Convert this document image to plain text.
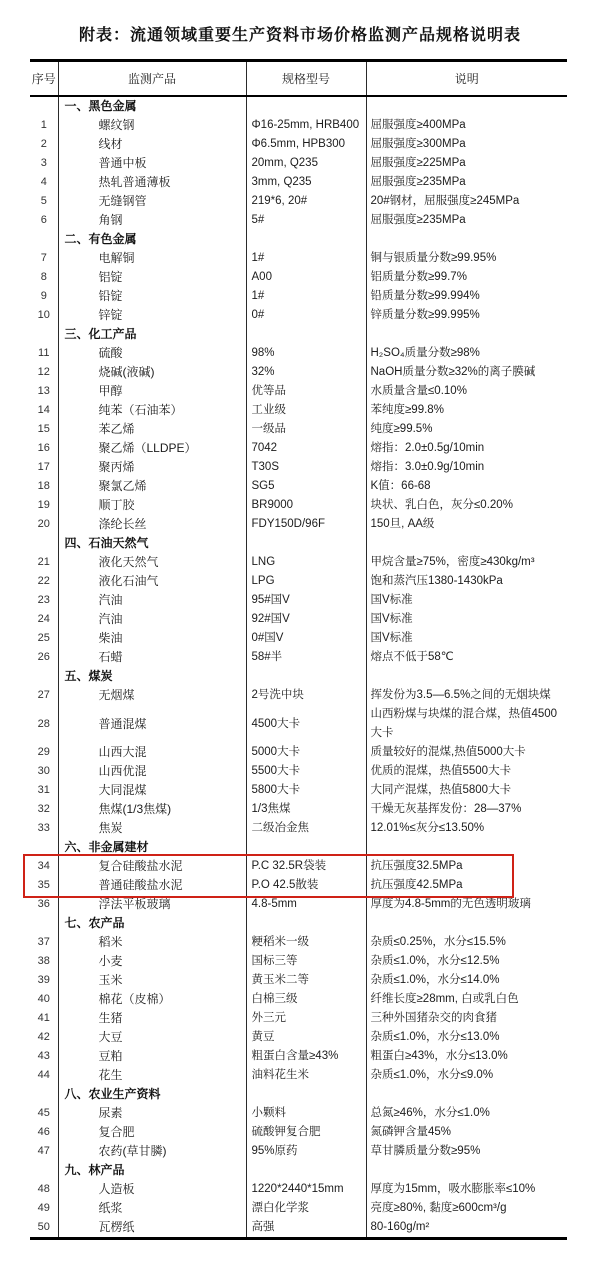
附表：流通领域重要生产资料市场价格监测产品规格说明表
序号	监测产品	规格型号	说明
	一、黑色金属		
1	螺纹钢	Φ16-25mm, HRB400	屈服强度≥400MPa
2	线材	Φ6.5mm, HPB300	屈服强度≥300MPa
3	普通中板	20mm, Q235	屈服强度≥225MPa
4	热轧普通薄板	3mm, Q235	屈服强度≥235MPa
5	无缝钢管	219*6, 20#	20#钢材，屈服强度≥245MPa
6	角钢	5#	屈服强度≥235MPa
	二、有色金属		
7	电解铜	1#	铜与银质量分数≥99.95%
8	铝锭	A00	铝质量分数≥99.7%
9	铅锭	1#	铅质量分数≥99.994%
10	锌锭	0#	锌质量分数≥99.995%
	三、化工产品		
11	硫酸	98%	H₂SO₄质量分数≥98%
12	烧碱(液碱)	32%	NaOH质量分数≥32%的离子膜碱
13	甲醇	优等品	水质量含量≤0.10%
14	纯苯（石油苯）	工业级	苯纯度≥99.8%
15	苯乙烯	一级品	纯度≥99.5%
16	聚乙烯（LLDPE）	7042	熔指：2.0±0.5g/10min
17	聚丙烯	T30S	熔指：3.0±0.9g/10min
18	聚氯乙烯	SG5	K值：66-68
19	顺丁胶	BR9000	块状、乳白色，灰分≤0.20%
20	涤纶长丝	FDY150D/96F	150旦, AA级
	四、石油天然气		
21	液化天然气	LNG	甲烷含量≥75%，密度≥430kg/m³
22	液化石油气	LPG	饱和蒸汽压1380-1430kPa
23	汽油	95#国V	国V标准
24	汽油	92#国V	国V标准
25	柴油	0#国V	国V标准
26	石蜡	58#半	熔点不低于58℃
	五、煤炭		
27	无烟煤	2号洗中块	挥发份为3.5—6.5%之间的无烟块煤
28	普通混煤	4500大卡	山西粉煤与块煤的混合煤，热值4500大卡
29	山西大混	5000大卡	质量较好的混煤,热值5000大卡
30	山西优混	5500大卡	优质的混煤，热值5500大卡
31	大同混煤	5800大卡	大同产混煤，热值5800大卡
32	焦煤(1/3焦煤)	1/3焦煤	干燥无灰基挥发份：28—37%
33	焦炭	二级冶金焦	12.01%≤灰分≤13.50%
	六、非金属建材		
34	复合硅酸盐水泥	P.C 32.5R袋装	抗压强度32.5MPa
35	普通硅酸盐水泥	P.O 42.5散装	抗压强度42.5MPa
36	浮法平板玻璃	4.8-5mm	厚度为4.8-5mm的无色透明玻璃
	七、农产品		
37	稻米	粳稻米一级	杂质≤0.25%，水分≤15.5%
38	小麦	国标三等	杂质≤1.0%，水分≤12.5%
39	玉米	黄玉米二等	杂质≤1.0%，水分≤14.0%
40	棉花（皮棉）	白棉三级	纤维长度≥28mm, 白或乳白色
41	生猪	外三元	三种外国猪杂交的肉食猪
42	大豆	黄豆	杂质≤1.0%，水分≤13.0%
43	豆粕	粗蛋白含量≥43%	粗蛋白≥43%，水分≤13.0%
44	花生	油料花生米	杂质≤1.0%，水分≤9.0%
	八、农业生产资料		
45	尿素	小颗料	总氮≥46%，水分≤1.0%
46	复合肥	硫酸钾复合肥	氮磷钾含量45%
47	农药(草甘膦)	95%原药	草甘膦质量分数≥95%
	九、林产品		
48	人造板	1220*2440*15mm	厚度为15mm，吸水膨胀率≤10%
49	纸浆	漂白化学浆	亮度≥80%, 黏度≥600cm³/g
50	瓦楞纸	高强	80-160g/m²
